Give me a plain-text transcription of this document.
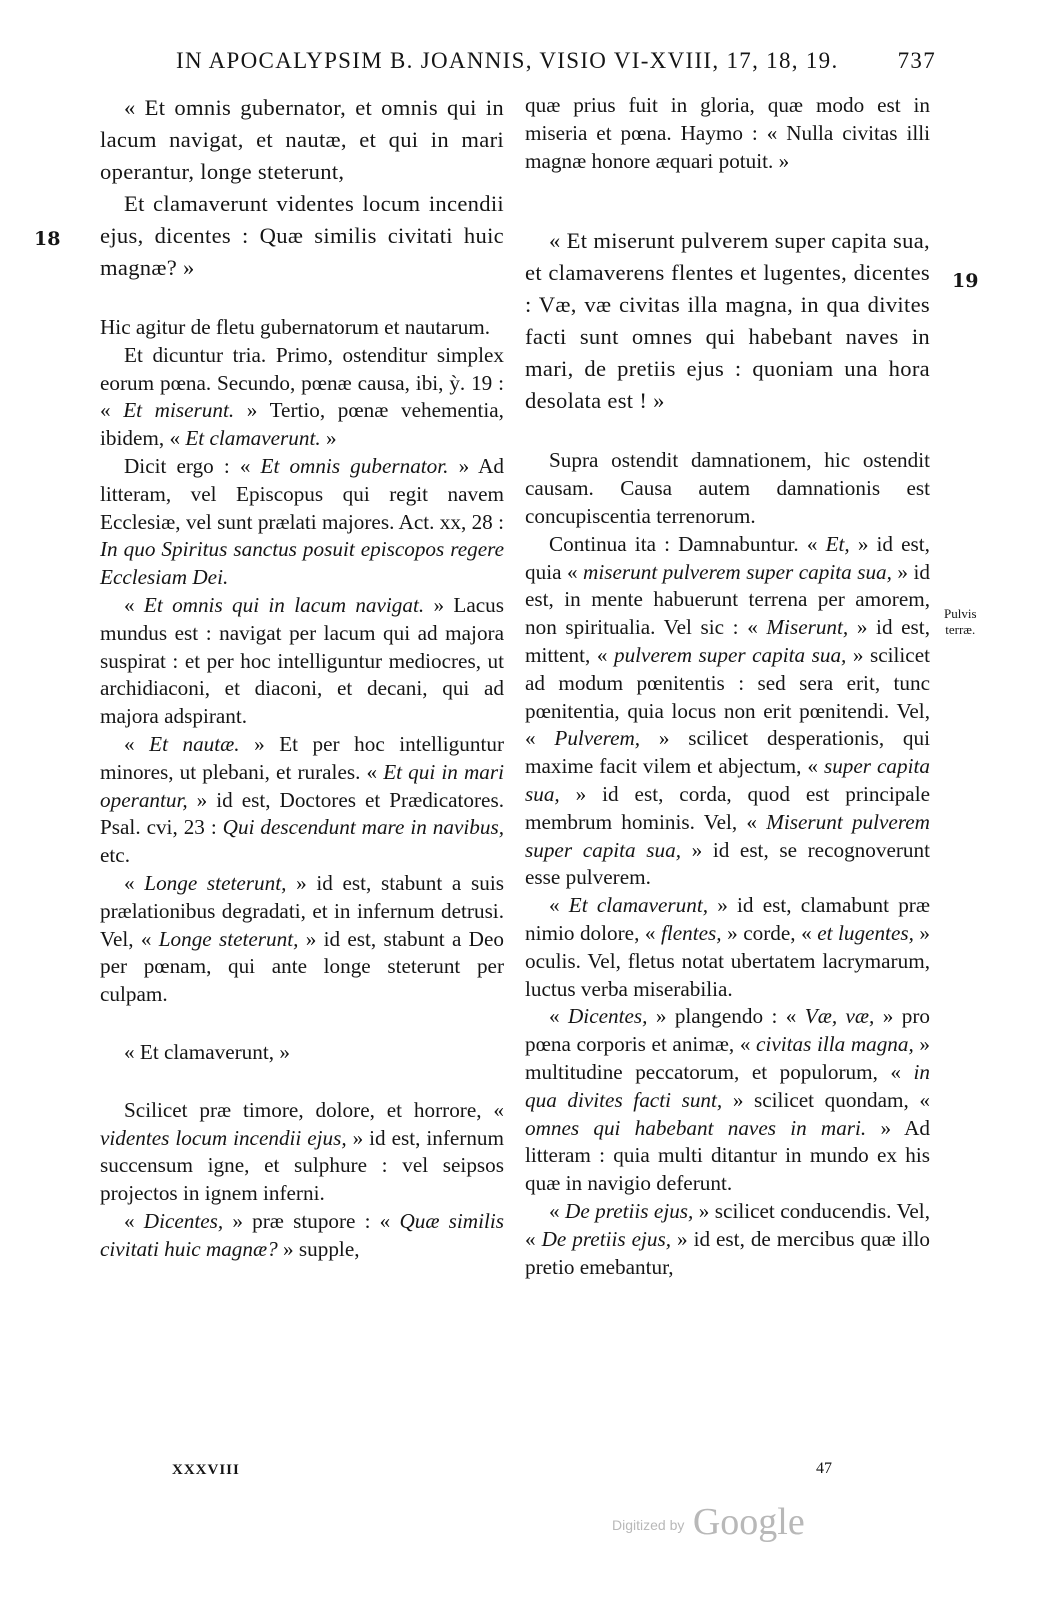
IN APOCALYPSIM B. JOANNIS, VISIO VI-XVIII, 17, 18, 19.	737
18
19
Pulvis
terræ.

« Et omnis gubernator, et omnis qui in lacum navigat, et nautæ, et qui in mari operantur, longe steterunt,

Et clamaverunt videntes locum incendii ejus, dicentes : Quæ similis civitati huic magnæ? »

Hic agitur de fletu gubernatorum et nautarum.

Et dicuntur tria. Primo, ostenditur simplex eorum pœna. Secundo, pœnæ causa, ibi, ỳ. 19 : « Et miserunt. » Tertio, pœnæ vehementia, ibidem, « Et clamaverunt. »

Dicit ergo : « Et omnis gubernator. » Ad litteram, vel Episcopus qui regit navem Ecclesiæ, vel sunt prælati majores. Act. xx, 28 : In quo Spiritus sanctus posuit episcopos regere Ecclesiam Dei.

« Et omnis qui in lacum navigat. » Lacus mundus est : navigat per lacum qui ad majora suspirat : et per hoc intelliguntur mediocres, ut archidiaconi, et diaconi, et decani, qui ad majora adspirant.

« Et nautæ. » Et per hoc intelliguntur minores, ut plebani, et rurales. « Et qui in mari operantur, » id est, Doctores et Prædicatores. Psal. cvi, 23 : Qui descendunt mare in navibus, etc.

« Longe steterunt, » id est, stabunt a suis prælationibus degradati, et in infernum detrusi. Vel, « Longe steterunt, » id est, stabunt a Deo per pœnam, qui ante longe steterunt per culpam.

« Et clamaverunt, »

Scilicet præ timore, dolore, et horrore, « videntes locum incendii ejus, » id est, infernum succensum igne, et sulphure : vel seipsos projectos in ignem inferni.

« Dicentes, » præ stupore : « Quæ similis civitati huic magnæ? » supple,

quæ prius fuit in gloria, quæ modo est in miseria et pœna. Haymo : « Nulla civitas illi magnæ honore æquari potuit. »

« Et miserunt pulverem super capita sua, et clamaverens flentes et lugentes, dicentes : Væ, væ civitas illa magna, in qua divites facti sunt omnes qui habebant naves in mari, de pretiis ejus : quoniam una hora desolata est ! »

Supra ostendit damnationem, hic ostendit causam. Causa autem damnationis est concupiscentia terrenorum.

Continua ita : Damnabuntur. « Et, » id est, quia « miserunt pulverem super capita sua, » id est, in mente habuerunt terrena per amorem, non spiritualia. Vel sic : « Miserunt, » id est, mittent, « pulverem super capita sua, » scilicet ad modum pœnitentis : sed sera erit, tunc pœnitentia, quia locus non erit pœnitendi. Vel, « Pulverem, » scilicet desperationis, qui maxime facit vilem et abjectum, « super capita sua, » id est, corda, quod est principale membrum hominis. Vel, « Miserunt pulverem super capita sua, » id est, se recognoverunt esse pulverem.

« Et clamaverunt, » id est, clamabunt præ nimio dolore, « flentes, » corde, « et lugentes, » oculis. Vel, fletus notat ubertatem lacrymarum, luctus verba miserabilia.

« Dicentes, » plangendo : « Væ, væ, » pro pœna corporis et animæ, « civitas illa magna, » multitudine peccatorum, et populorum, « in qua divites facti sunt, » scilicet quondam, « omnes qui habebant naves in mari. » Ad litteram : quia multi ditantur in mundo ex his quæ in navigio deferunt.

« De pretiis ejus, » scilicet conducendis. Vel, « De pretiis ejus, » id est, de mercibus quæ illo pretio emebantur,

XXXVIII	47
Digitized by Google
